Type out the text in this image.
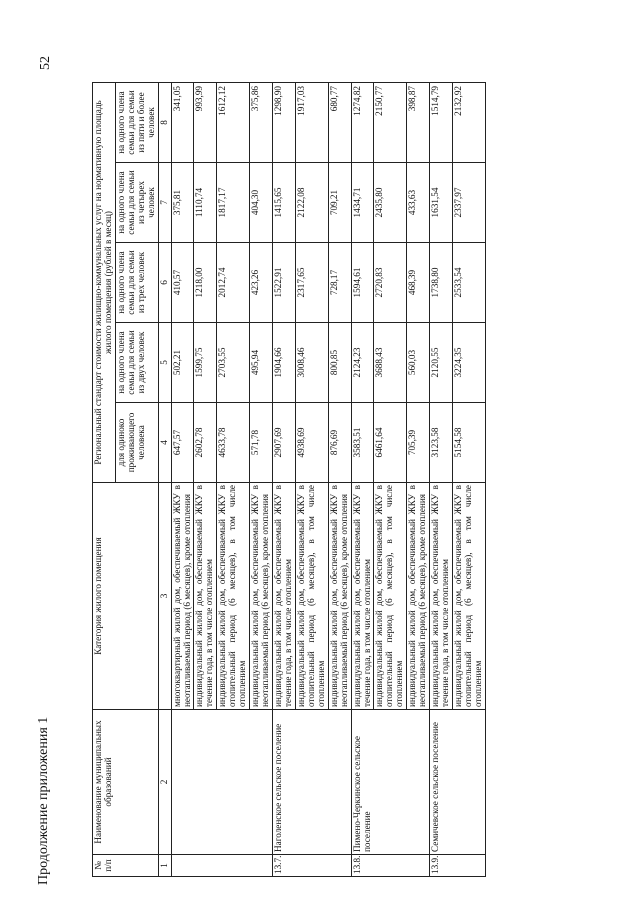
52
Продолжение приложения 1	№ п/п	Наименование муниципальных образований	Категория жилого помещения	Региональный стандарт стоимости жилищно-коммунальных услуг на нормативную площадь жилого помещения (рублей в месяц)				
			для одиноко проживающего человека	на одного члена семьи для семьи из двух человек	на одного члена семьи для семьи из трех человек	на одного члена семьи для семьи из четырех человек	на одного члена семьи для семьи из пяти и более человек
1	2	3	4	5	6	7	8
		многоквартирный жилой дом, обеспечиваемый ЖКУ в неотапливаемый период (6 месяцев), кроме отопления	647,57	502,21	410,57	375,81	341,05
		индивидуальный жилой дом, обеспечиваемый ЖКУ в течение года, в том числе отоплением	2602,78	1599,75	1218,00	1110,74	993,99
		индивидуальный жилой дом, обеспечиваемый ЖКУ в отопительный период (6 месяцев), в том числе отоплением	4633,78	2703,55	2012,74	1817,17	1612,12
		индивидуальный жилой дом, обеспечиваемый ЖКУ в неотапливаемый период (6 месяцев), кроме отопления	571,78	495,94	423,26	404,30	375,86
13.7.	Наголенское сельское поселение	индивидуальный жилой дом, обеспечиваемый ЖКУ в течение года, в том числе отоплением	2907,69	1904,66	1522,91	1415,65	1298,90
		индивидуальный жилой дом, обеспечиваемый ЖКУ в отопительный период (6 месяцев), в том числе отоплением	4938,69	3008,46	2317,65	2122,08	1917,03
		индивидуальный жилой дом, обеспечиваемый ЖКУ в неотапливаемый период (6 месяцев), кроме отопления	876,69	800,85	728,17	709,21	680,77
13.8.	Пимено-Черкинское сельское поселение	индивидуальный жилой дом, обеспечиваемый ЖКУ в течение года, в том числе отоплением	3583,51	2124,23	1594,61	1434,71	1274,82
		индивидуальный жилой дом, обеспечиваемый ЖКУ в отопительный период (6 месяцев), в том числе отоплением	6461,64	3688,43	2720,83	2435,80	2150,77
		индивидуальный жилой дом, обеспечиваемый ЖКУ в неотапливаемый период (6 месяцев), кроме отопления	705,39	560,03	468,39	433,63	398,87
13.9.	Семичевское сельское поселение	индивидуальный жилой дом, обеспечиваемый ЖКУ в течение года, в том числе отоплением	3123,58	2120,55	1738,80	1631,54	1514,79
		индивидуальный жилой дом, обеспечиваемый ЖКУ в отопительный период (6 месяцев), в том числе отоплением	5154,58	3224,35	2533,54	2337,97	2132,92
